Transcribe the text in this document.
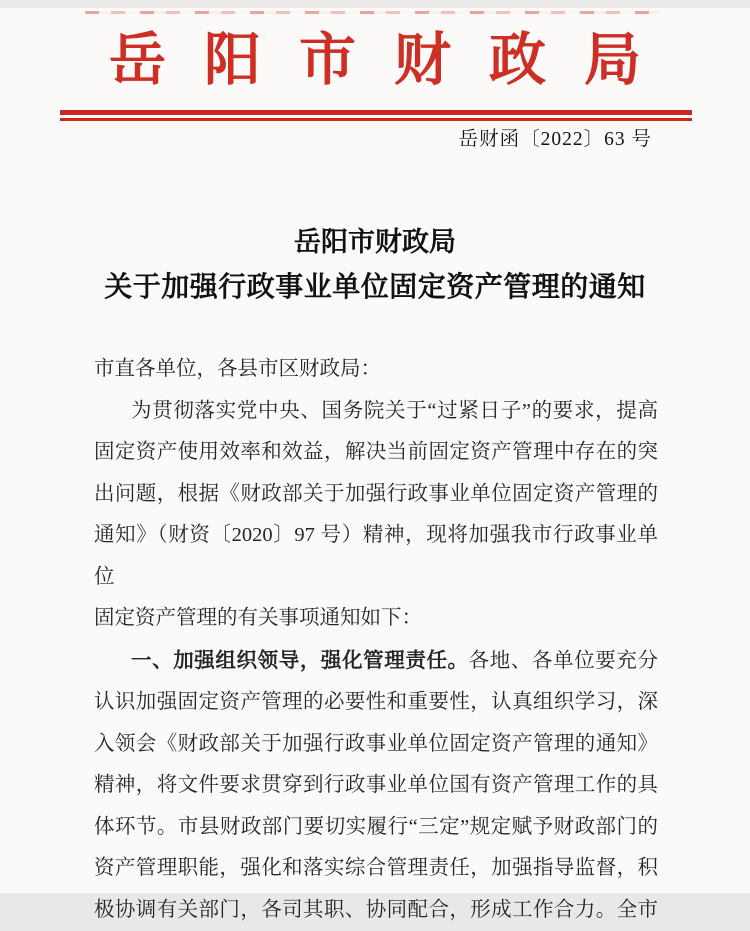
岳阳市财政局
岳财函〔2022〕63 号
岳阳市财政局
关于加强行政事业单位固定资产管理的通知
市直各单位，各县市区财政局：
为贯彻落实党中央、国务院关于“过紧日子”的要求，提高
固定资产使用效率和效益，解决当前固定资产管理中存在的突
出问题，根据《财政部关于加强行政事业单位固定资产管理的
通知》（财资〔2020〕97 号）精神，现将加强我市行政事业单位
固定资产管理的有关事项通知如下：
一、加强组织领导，强化管理责任。各地、各单位要充分
认识加强固定资产管理的必要性和重要性，认真组织学习，深
入领会《财政部关于加强行政事业单位固定资产管理的通知》
精神，将文件要求贯穿到行政事业单位国有资产管理工作的具
体环节。市县财政部门要切实履行“三定”规定赋予财政部门的
资产管理职能，强化和落实综合管理责任，加强指导监督，积
极协调有关部门，各司其职、协同配合，形成工作合力。全市
